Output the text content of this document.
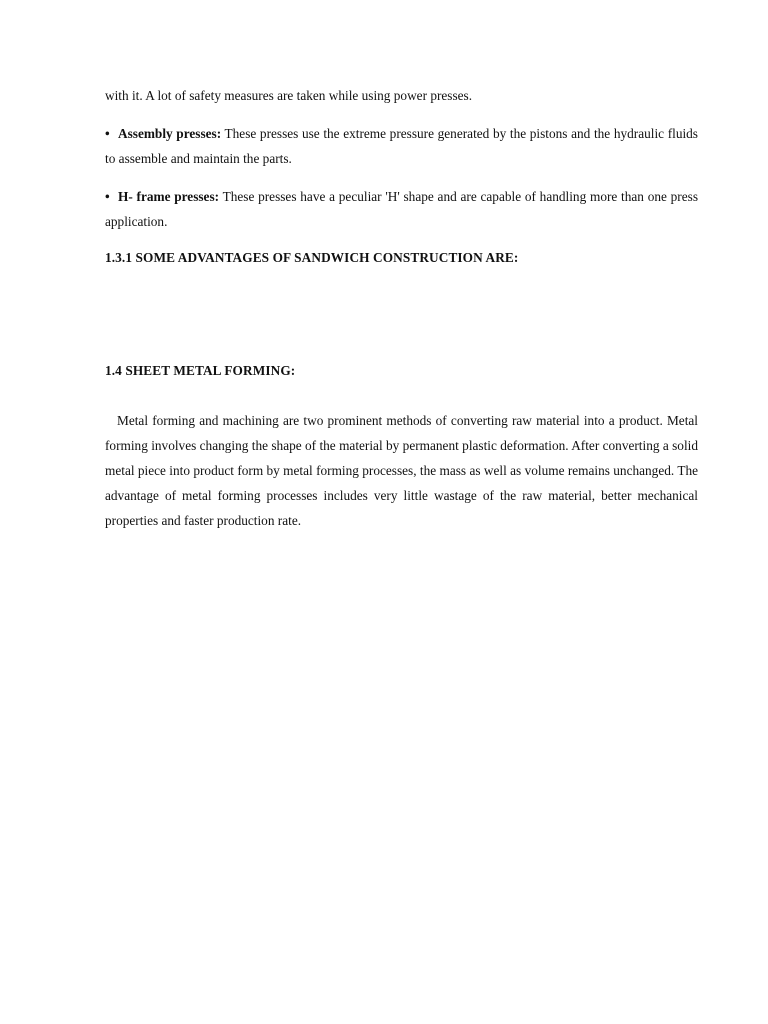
with it. A lot of safety measures are taken while using power presses.

• Assembly presses: These presses use the extreme pressure generated by the pistons and the hydraulic fluids to assemble and maintain the parts.

• H- frame presses: These presses have a peculiar 'H' shape and are capable of handling more than one press application.

1.3.1 SOME ADVANTAGES OF SANDWICH CONSTRUCTION ARE:
1.4 SHEET METAL FORMING:

Metal forming and machining are two prominent methods of converting raw material into a product. Metal forming involves changing the shape of the material by permanent plastic deformation. After converting a solid metal piece into product form by metal forming processes, the mass as well as volume remains unchanged. The advantage of metal forming processes includes very little wastage of the raw material, better mechanical properties and faster production rate.
